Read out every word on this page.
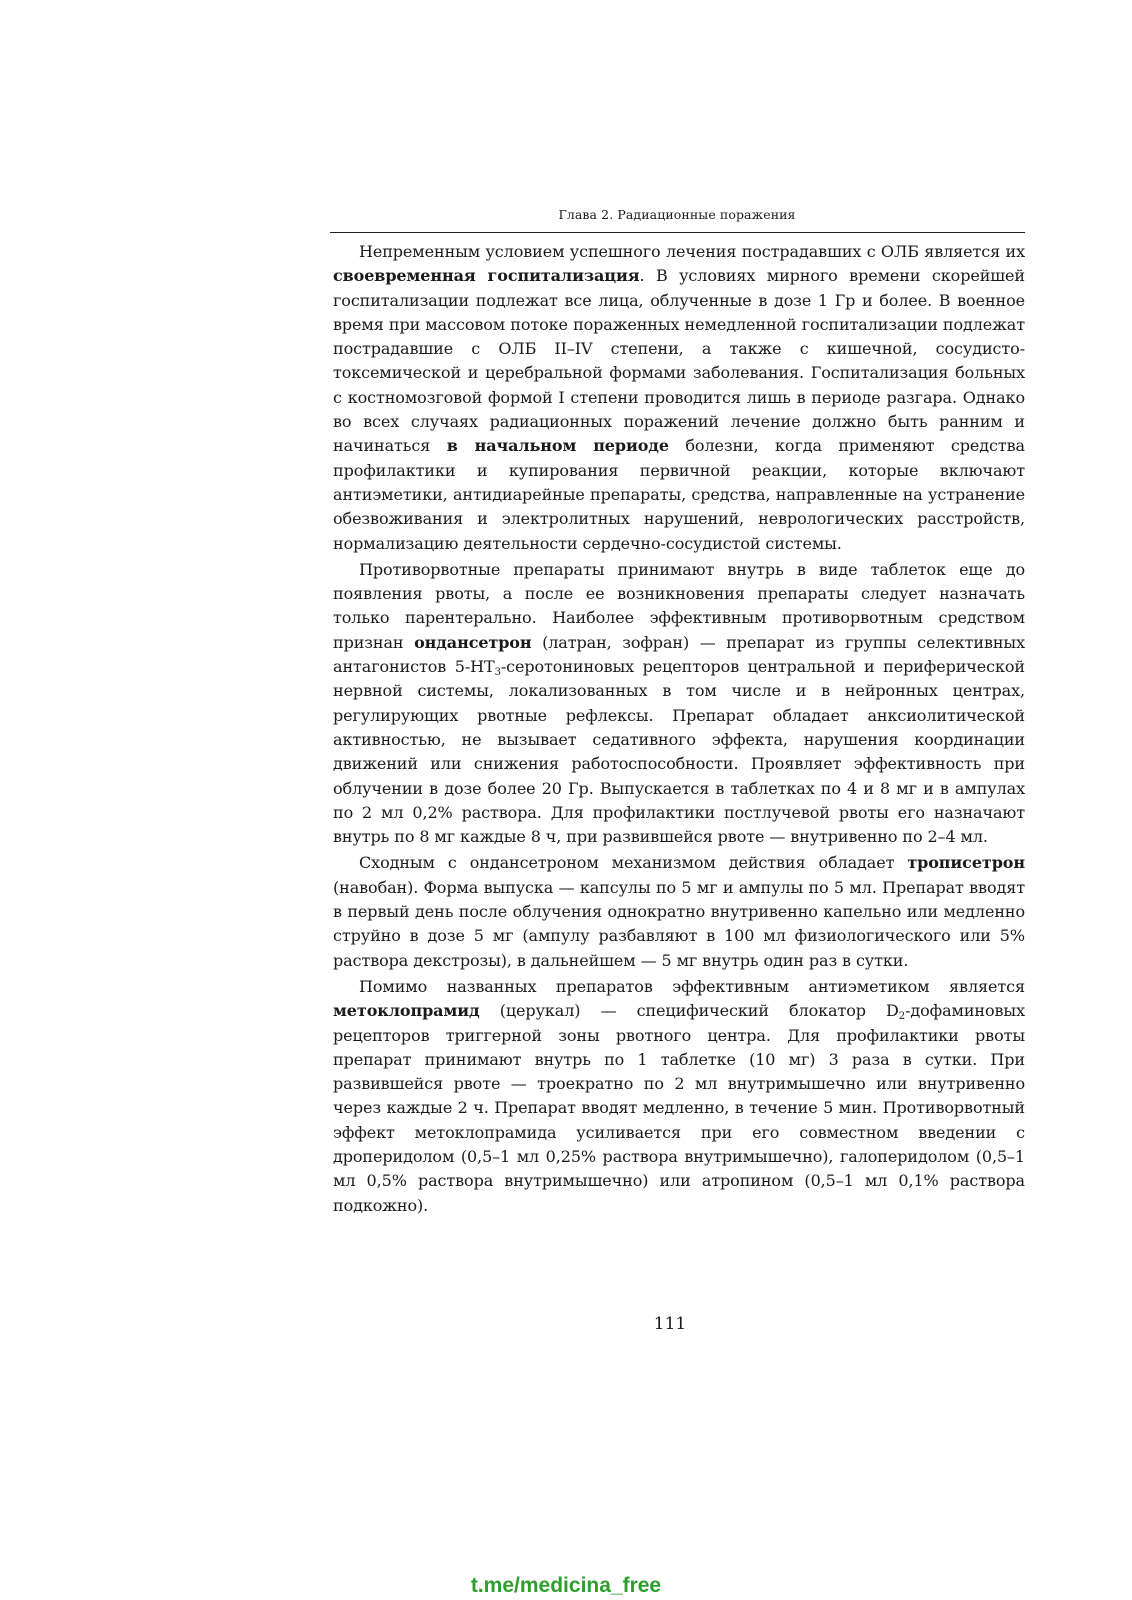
Глава 2. Радиационные поражения

Непременным условием успешного лечения пострадавших с ОЛБ является их своевременная госпитализация. В условиях мирного времени скорейшей госпитализации подлежат все лица, облученные в дозе 1 Гр и более. В военное время при массовом потоке пораженных немедленной госпитализации подлежат пострадавшие с ОЛБ II–IV степени, а также с кишечной, сосудисто-токсемической и церебральной формами заболевания. Госпитализация больных с костномозговой формой I степени проводится лишь в периоде разгара. Однако во всех случаях радиационных поражений лечение должно быть ранним и начинаться в начальном периоде болезни, когда применяют средства профилактики и купирования первичной реакции, которые включают антиэметики, антидиарейные препараты, средства, направленные на устранение обезвоживания и электролитных нарушений, неврологических расстройств, нормализацию деятельности сердечно-сосудистой системы.

Противорвотные препараты принимают внутрь в виде таблеток еще до появления рвоты, а после ее возникновения препараты следует назначать только парентерально. Наиболее эффективным противорвотным средством признан ондансетрон (латран, зофран) — препарат из группы селективных антагонистов $5-НТ_3$-серотониновых рецепторов центральной и периферической нервной системы, локализованных в том числе и в нейронных центрах, регулирующих рвотные рефлексы. Препарат обладает анксиолитической активностью, не вызывает седативного эффекта, нарушения координации движений или снижения работоспособности. Проявляет эффективность при облучении в дозе более 20 Гр. Выпускается в таблетках по 4 и 8 мг и в ампулах по 2 мл 0,2% раствора. Для профилактики постлучевой рвоты его назначают внутрь по 8 мг каждые 8 ч, при развившейся рвоте — внутривенно по 2–4 мл.

Сходным с ондансетроном механизмом действия обладает трописетрон (навобан). Форма выпуска — капсулы по 5 мг и ампулы по 5 мл. Препарат вводят в первый день после облучения однократно внутривенно капельно или медленно струйно в дозе 5 мг (ампулу разбавляют в 100 мл физиологического или 5% раствора декстрозы), в дальнейшем — 5 мг внутрь один раз в сутки.

Помимо названных препаратов эффективным антиэметиком является метоклопрамид (церукал) — специфический блокатор $D_2$-дофаминовых рецепторов триггерной зоны рвотного центра. Для профилактики рвоты препарат принимают внутрь по 1 таблетке (10 мг) 3 раза в сутки. При развившейся рвоте — троекратно по 2 мл внутримышечно или внутривенно через каждые 2 ч. Препарат вводят медленно, в течение 5 мин. Противорвотный эффект метоклопрамида усиливается при его совместном введении с дроперидолом (0,5–1 мл 0,25% раствора внутримышечно), галоперидолом (0,5–1 мл 0,5% раствора внутримышечно) или атропином (0,5–1 мл 0,1% раствора подкожно).

111
t.me/medicina_free
